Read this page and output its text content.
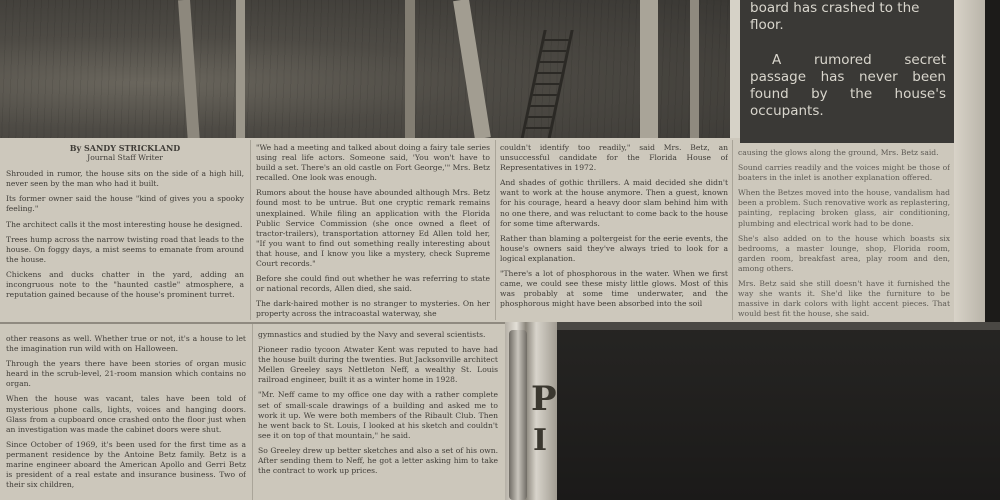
board has crashed to the floor.
A rumored secret passage has never been found by the house's occupants.

By SANDY STRICKLAND

Journal Staff Writer

Shrouded in rumor, the house sits on the side of a high hill, never seen by the man who had it built.

Its former owner said the house "kind of gives you a spooky feeling."

The architect calls it the most interesting house he designed.

Trees hump across the narrow twisting road that leads to the house. On foggy days, a mist seems to emanate from around the house.

Chickens and ducks chatter in the yard, adding an incongruous note to the "haunted castle" atmosphere, a reputation gained because of the house's prominent turret.

"We had a meeting and talked about doing a fairy tale series using real life actors. Someone said, 'You won't have to build a set. There's an old castle on Fort George,'" Mrs. Betz recalled. One look was enough.

Rumors about the house have abounded although Mrs. Betz found most to be untrue. But one cryptic remark remains unexplained. While filing an application with the Florida Public Service Commission (she once owned a fleet of tractor-trailers), transportation attorney Ed Allen told her, "If you want to find out something really interesting about that house, and I know you like a mystery, check Supreme Court records."

Before she could find out whether he was referring to state or national records, Allen died, she said.

The dark-haired mother is no stranger to mysteries. On her property across the intracoastal waterway, she

couldn't identify too readily," said Mrs. Betz, an unsuccessful candidate for the Florida House of Representatives in 1972.

And shades of gothic thrillers. A maid decided she didn't want to work at the house anymore. Then a guest, known for his courage, heard a heavy door slam behind him with no one there, and was reluctant to come back to the house for some time afterwards.

Rather than blaming a poltergeist for the eerie events, the house's owners said they've always tried to look for a logical explanation.

"There's a lot of phosphorous in the water. When we first came, we could see these misty little glows. Most of this was probably at some time underwater, and the phosphorous might have been absorbed into the soil

causing the glows along the ground, Mrs. Betz said.

Sound carries readily and the voices might be those of boaters in the inlet is another explanation offered.

When the Betzes moved into the house, vandalism had been a problem. Such renovative work as replastering, painting, replacing broken glass, air conditioning, plumbing and electrical work had to be done.

She's also added on to the house which boasts six bedrooms, a master lounge, shop, Florida room, garden room, breakfast area, play room and den, among others.

Mrs. Betz said she still doesn't have it furnished the way she wants it. She'd like the furniture to be massive in dark colors with light accent pieces. That would best fit the house, she said.

other reasons as well. Whether true or not, it's a house to let the imagination run wild with on Halloween.

Through the years there have been stories of organ music heard in the scrub-level, 21-room mansion which contains no organ.

When the house was vacant, tales have been told of mysterious phone calls, lights, voices and hanging doors. Glass from a cupboard once crashed onto the floor just when an investigation was made the cabinet doors were shut.

Since October of 1969, it's been used for the first time as a permanent residence by the Antoine Betz family. Betz is a marine engineer aboard the American Apollo and Gerri Betz is president of a real estate and insurance business. Two of their six children,

gymnastics and studied by the Navy and several scientists.

Pioneer radio tycoon Atwater Kent was reputed to have had the house built during the twenties. But Jacksonville architect Mellen Greeley says Nettleton Neff, a wealthy St. Louis railroad engineer, built it as a winter home in 1928.

"Mr. Neff came to my office one day with a rather complete set of small-scale drawings of a building and asked me to work it up. We were both members of the Ribault Club. Then he went back to St. Louis, I looked at his sketch and couldn't see it on top of that mountain," he said.

So Greeley drew up better sketches and also a set of his own. After sending them to Neff, he got a letter asking him to take the contract to work up prices.

P
I
